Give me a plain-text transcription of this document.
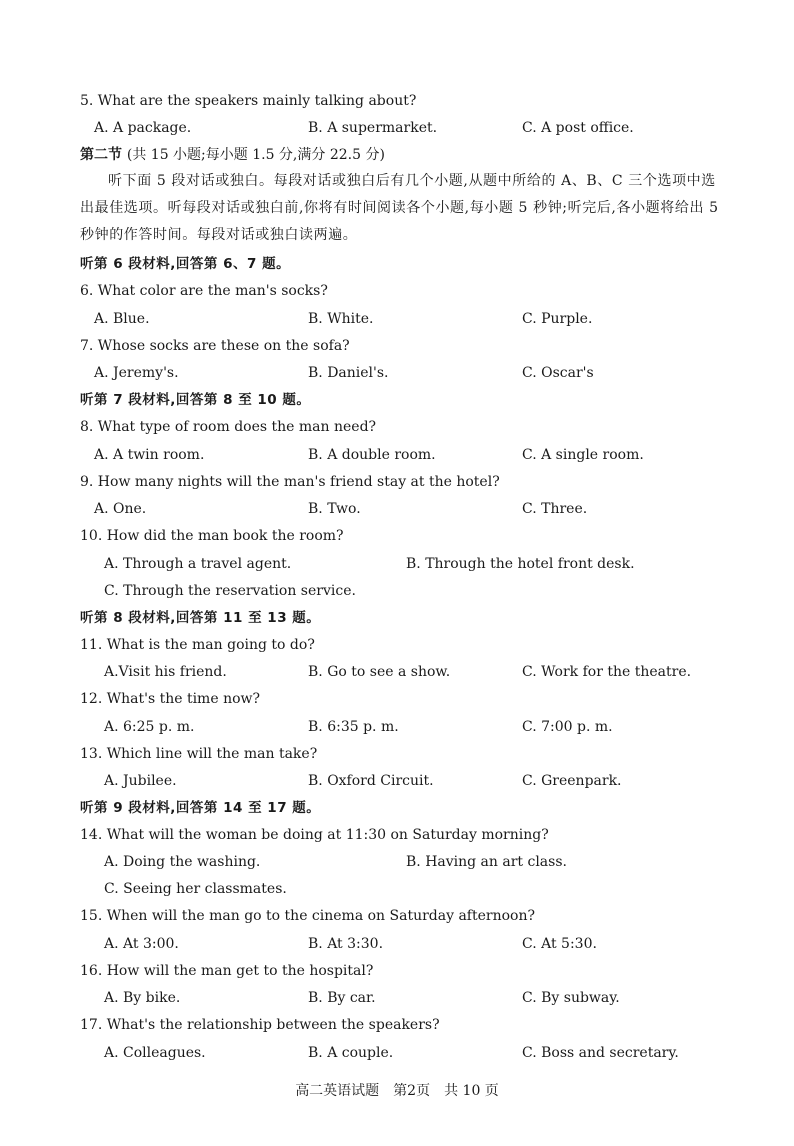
5. What are the speakers mainly talking about?
A. A package.	B. A supermarket.	C. A post office.
第二节 (共 15 小题;每小题 1.5 分,满分 22.5 分)
听下面 5 段对话或独白。每段对话或独白后有几个小题,从题中所给的 A、B、C 三个选项中选出最佳选项。听每段对话或独白前,你将有时间阅读各个小题,每小题 5 秒钟;听完后,各小题将给出 5 秒钟的作答时间。每段对话或独白读两遍。
听第 6 段材料,回答第 6、7 题。
6. What color are the man's socks?
A. Blue.	B. White.	C. Purple.
7. Whose socks are these on the sofa?
A. Jeremy's.	B. Daniel's.	C. Oscar's
听第 7 段材料,回答第 8 至 10 题。
8. What type of room does the man need?
A. A twin room.	B. A double room.	C. A single room.
9. How many nights will the man's friend stay at the hotel?
A. One.	B. Two.	C. Three.
10. How did the man book the room?
A. Through a travel agent.	B. Through the hotel front desk.
C. Through the reservation service.
听第 8 段材料,回答第 11 至 13 题。
11. What is the man going to do?
A.Visit his friend.	B. Go to see a show.	C. Work for the theatre.
12. What's the time now?
A. 6:25 p. m.	B. 6:35 p. m.	C. 7:00 p. m.
13. Which line will the man take?
A. Jubilee.	B. Oxford Circuit.	C. Greenpark.
听第 9 段材料,回答第 14 至 17 题。
14. What will the woman be doing at 11:30 on Saturday morning?
A. Doing the washing.	B. Having an art class.
C. Seeing her classmates.
15. When will the man go to the cinema on Saturday afternoon?
A. At 3:00.	B. At 3:30.	C. At 5:30.
16. How will the man get to the hospital?
A. By bike.	B. By car.	C. By subway.
17. What's the relationship between the speakers?
A. Colleagues.	B. A couple.	C. Boss and secretary.
高二英语试题　第2页　共 10 页
